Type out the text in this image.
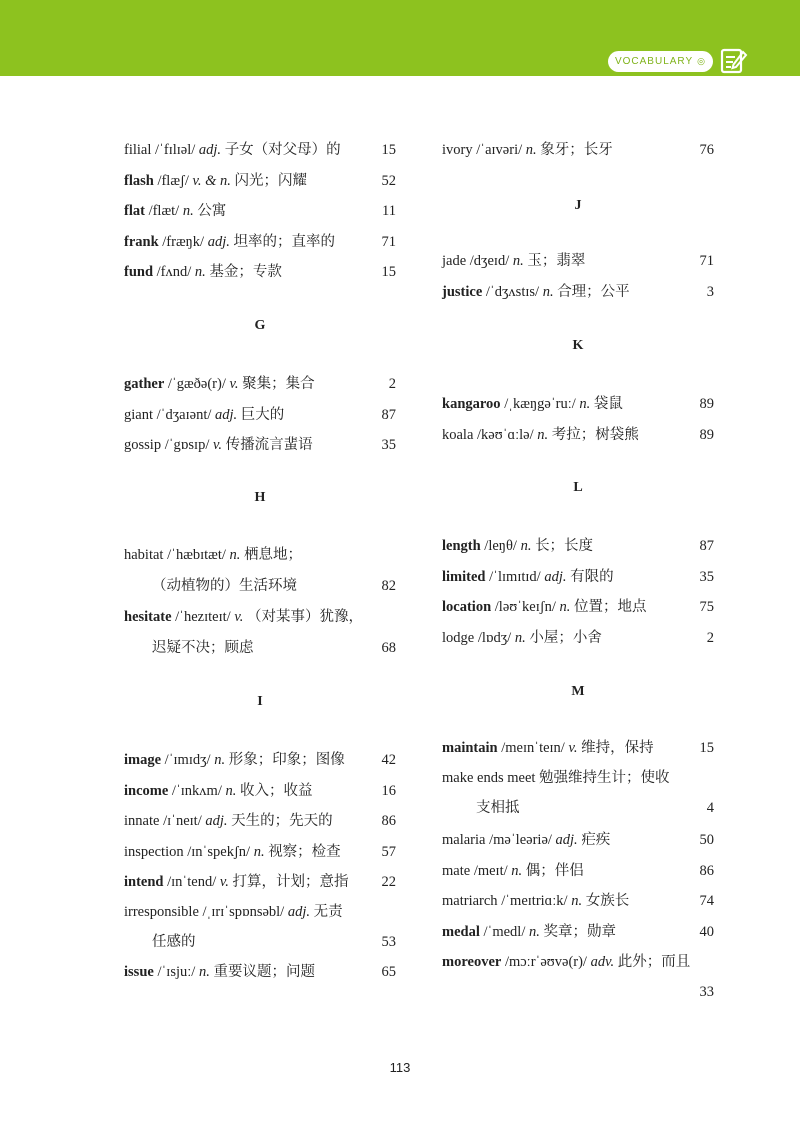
VOCABULARY ◎
filial /ˈfɪlɪəl/ adj. 子女（对父母）的	15
flash /flæʃ/ v. & n. 闪光；闪耀	52
flat /flæt/ n. 公寓	11
frank /fræŋk/ adj. 坦率的；直率的	71
fund /fʌnd/ n. 基金；专款	15
G
gather /ˈgæðə(r)/ v. 聚集；集合	2
giant /ˈdʒaɪənt/ adj. 巨大的	87
gossip /ˈgɒsɪp/ v. 传播流言蜚语	35
H
habitat /ˈhæbɪtæt/ n. 栖息地；
（动植物的）生活环境	82
hesitate /ˈhezɪteɪt/ v. （对某事）犹豫，
迟疑不决；顾虑	68
I
image /ˈɪmɪdʒ/ n. 形象；印象；图像	42
income /ˈɪnkʌm/ n. 收入；收益	16
innate /ɪˈneɪt/ adj. 天生的；先天的	86
inspection /ɪnˈspekʃn/ n. 视察；检查	57
intend /ɪnˈtend/ v. 打算，计划；意指 22
irresponsible /ˌɪrɪˈspɒnsəbl/ adj. 无责
任感的	53
issue /ˈɪsjuː/ n. 重要议题；问题	65
ivory /ˈaɪvəri/ n. 象牙；长牙	76
J
jade /dʒeɪd/ n. 玉；翡翠	71
justice /ˈdʒʌstɪs/ n. 合理；公平	3
K
kangaroo /ˌkæŋgəˈruː/ n. 袋鼠	89
koala /kəʊˈɑːlə/ n. 考拉；树袋熊	89
L
length /leŋθ/ n. 长；长度	87
limited /ˈlɪmɪtɪd/ adj. 有限的	35
location /ləʊˈkeɪʃn/ n. 位置；地点	75
lodge /lɒdʒ/ n. 小屋；小舍	2
M
maintain /meɪnˈteɪn/ v. 维持，保持	15
make ends meet 勉强维持生计；使收
支相抵	4
malaria /məˈleəriə/ adj. 疟疾	50
mate /meɪt/ n. 偶；伴侣	86
matriarch /ˈmeɪtriɑːk/ n. 女族长	74
medal /ˈmedl/ n. 奖章；勋章	40
moreover /mɔːrˈəʊvə(r)/ adv. 此外；而且
33
113
